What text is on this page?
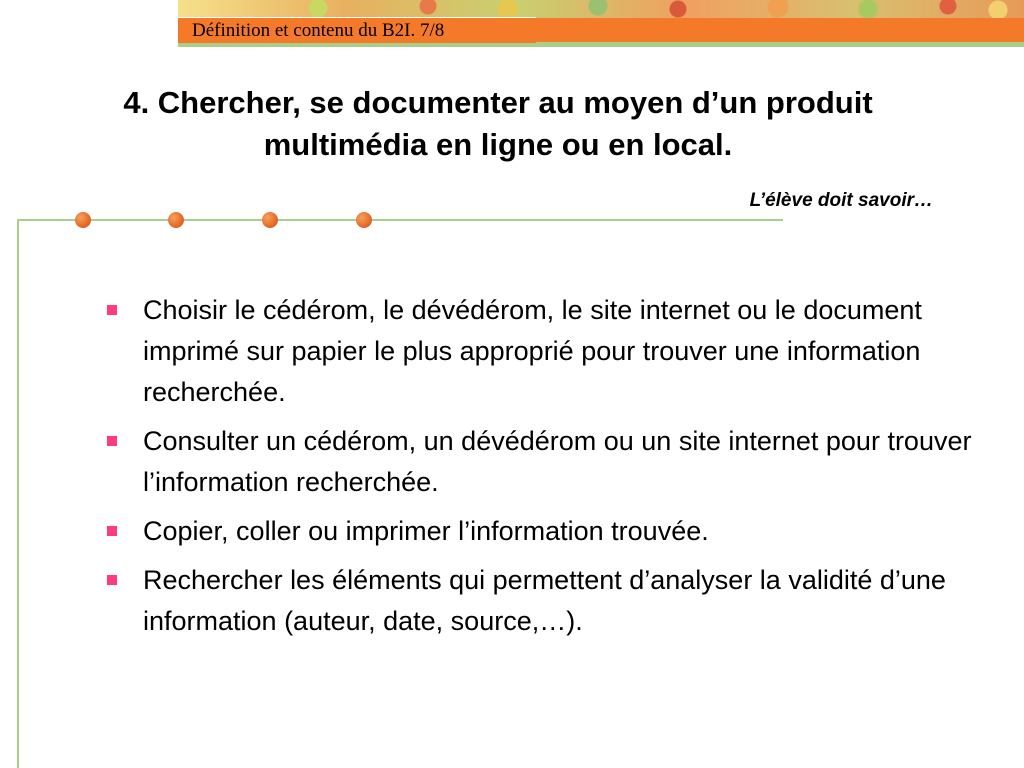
Définition et contenu du B2I. 7/8
4. Chercher, se documenter au moyen d’un produit multimédia en ligne ou en local.
L’élève doit savoir…
Choisir le cédérom, le dévédérom, le site internet ou le document imprimé sur papier le plus approprié pour trouver une information recherchée.
Consulter un cédérom, un dévédérom ou un site internet pour trouver l’information recherchée.
Copier, coller ou imprimer l’information trouvée.
Rechercher les éléments qui permettent d’analyser la validité d’une information (auteur, date, source,…).
